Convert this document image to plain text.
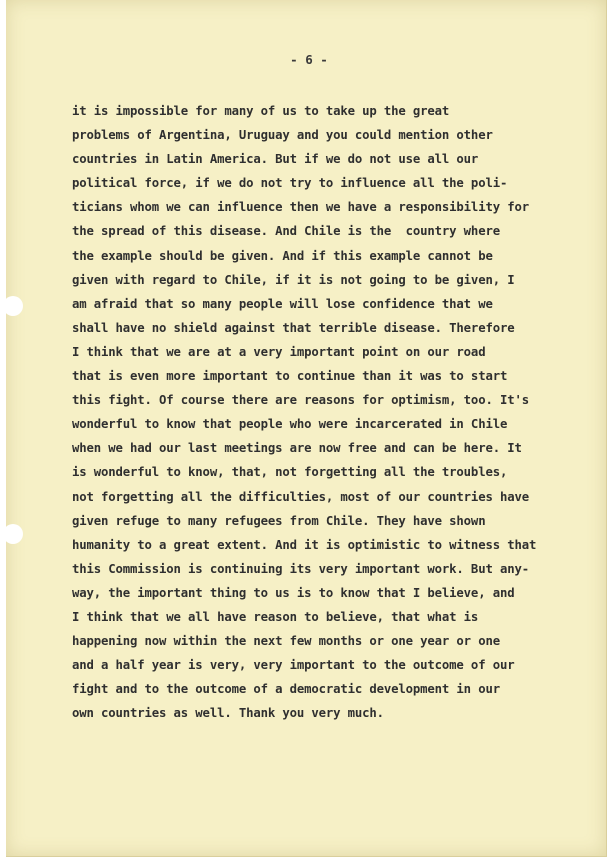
- 6 -
it is impossible for many of us to take up the great
problems of Argentina, Uruguay and you could mention other
countries in Latin America. But if we do not use all our
political force, if we do not try to influence all the poli-
ticians whom we can influence then we have a responsibility for
the spread of this disease. And Chile is the  country where
the example should be given. And if this example cannot be
given with regard to Chile, if it is not going to be given, I
am afraid that so many people will lose confidence that we
shall have no shield against that terrible disease. Therefore
I think that we are at a very important point on our road
that is even more important to continue than it was to start
this fight. Of course there are reasons for optimism, too. It's
wonderful to know that people who were incarcerated in Chile
when we had our last meetings are now free and can be here. It
is wonderful to know, that, not forgetting all the troubles,
not forgetting all the difficulties, most of our countries have
given refuge to many refugees from Chile. They have shown
humanity to a great extent. And it is optimistic to witness that
this Commission is continuing its very important work. But any-
way, the important thing to us is to know that I believe, and
I think that we all have reason to believe, that what is
happening now within the next few months or one year or one
and a half year is very, very important to the outcome of our
fight and to the outcome of a democratic development in our
own countries as well. Thank you very much.
